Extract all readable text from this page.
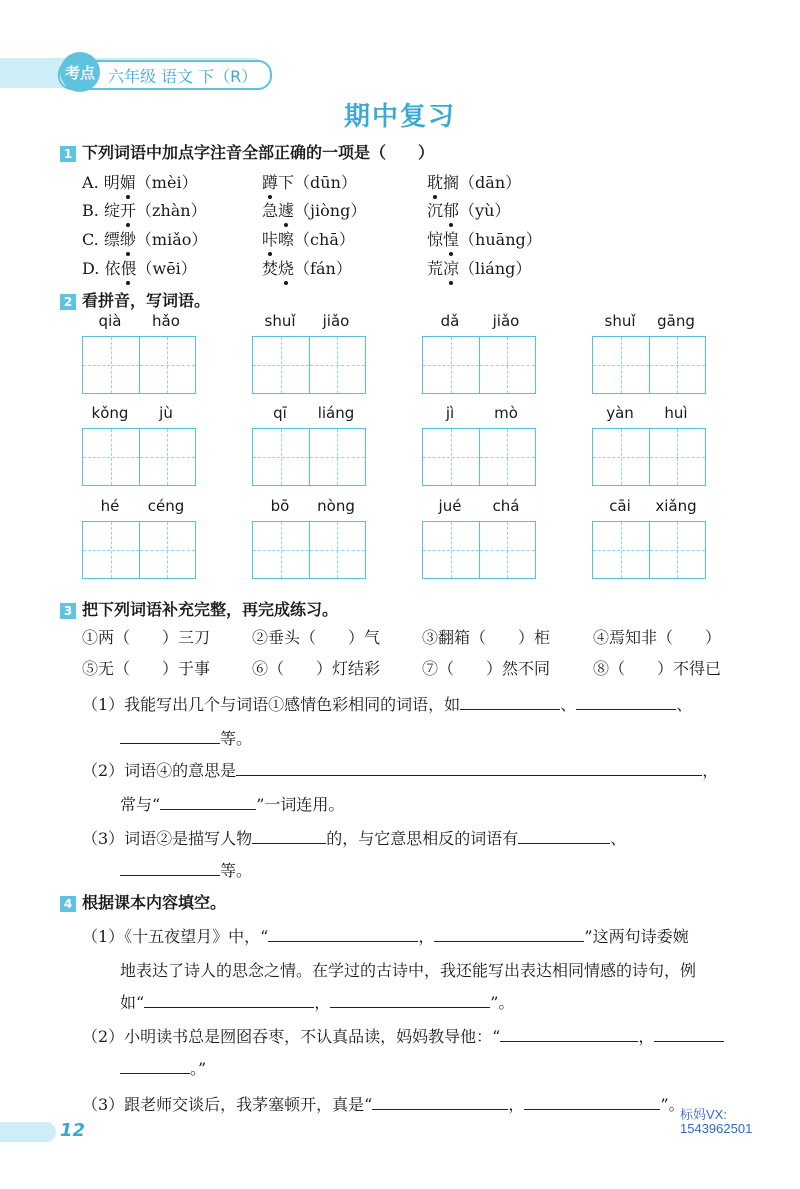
考点 六年级 语文 下（R）
期中复习
1 下列词语中加点字注音全部正确的一项是（　　）
A. 明媚（mèi）	蹲下（dūn）	耽搁（dān）
B. 绽开（zhàn）	急遽（jiòng）	沉郁（yù）
C. 缥缈（miǎo）	咔嚓（chā）	惊惶（huāng）
D. 依偎（wēi）	焚烧（fán）	荒凉（liáng）
2 看拼音，写词语。
qià	hǎo	shuǐ	jiǎo	dǎ	jiǎo	shuǐ	gāng
kǒng	jù	qī	liáng	jì	mò	yàn	huì
hé	céng	bō	nòng	jué	chá	cāi	xiǎng
3 把下列词语补充完整，再完成练习。
①两（　　）三刀	②垂头（　　）气	③翻箱（　　）柜	④焉知非（　　）
⑤无（　　）于事	⑥（　　）灯结彩	⑦（　　）然不同	⑧（　　）不得已
（1）我能写出几个与词语①感情色彩相同的词语，如	、	、
等。
（2）词语④的意思是	，
常与“	”一词连用。
（3）词语②是描写人物	的，与它意思相反的词语有	、
等。
4 根据课本内容填空。
（1）《十五夜望月》中，“	，	”这两句诗委婉
地表达了诗人的思念之情。在学过的古诗中，我还能写出表达相同情感的诗句，例
如“	，	”。
（2）小明读书总是囫囵吞枣，不认真品读，妈妈教导他：“	，
。”
（3）跟老师交谈后，我茅塞顿开，真是“	，	”。
12
标妈VX:
1543962501
